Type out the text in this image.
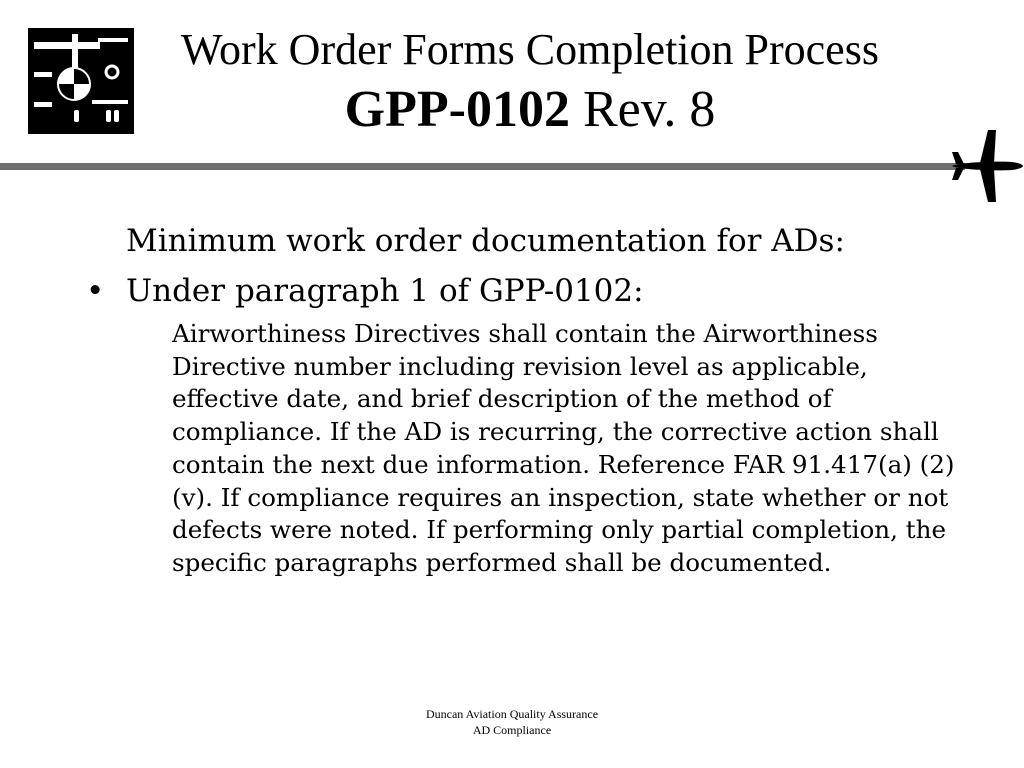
Work Order Forms Completion Process
GPP-0102 Rev. 8
Minimum work order documentation for ADs:
• Under paragraph 1 of GPP-0102:
Airworthiness Directives shall contain the Airworthiness Directive number including revision level as applicable, effective date, and brief description of the method of compliance. If the AD is recurring, the corrective action shall contain the next due information. Reference FAR 91.417(a) (2) (v). If compliance requires an inspection, state whether or not defects were noted. If performing only partial completion, the specific paragraphs performed shall be documented.
Duncan Aviation Quality Assurance
AD Compliance
